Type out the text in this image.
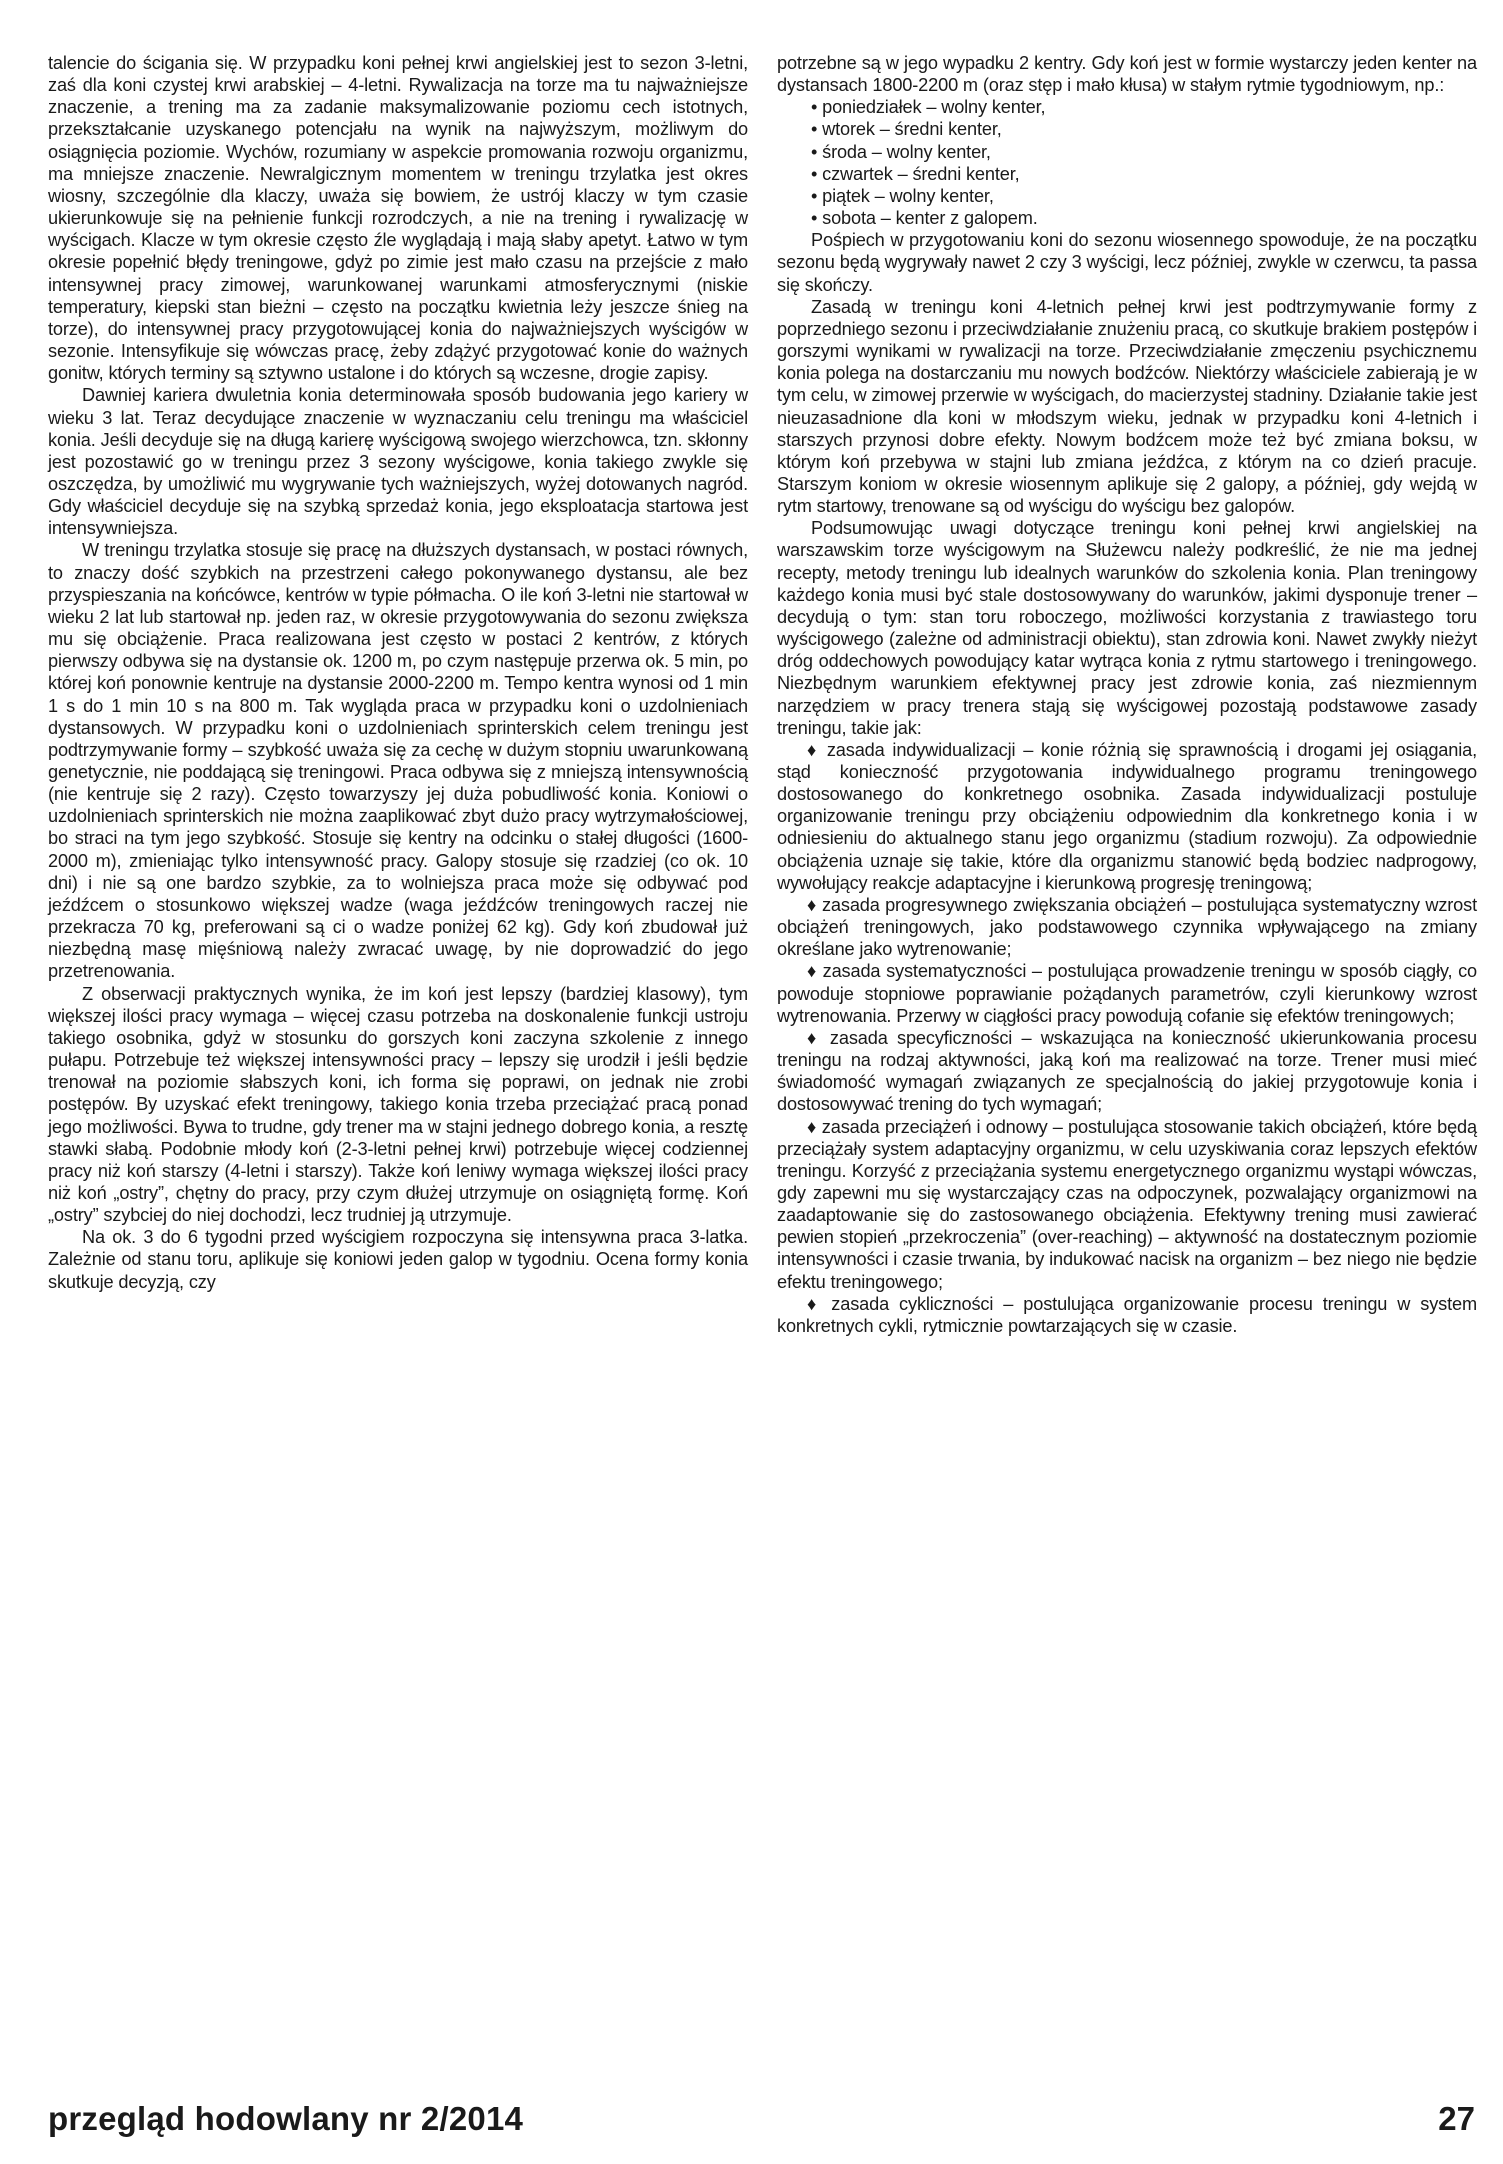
talencie do ścigania się. W przypadku koni pełnej krwi angielskiej jest to sezon 3-letni, zaś dla koni czystej krwi arabskiej – 4-letni. Rywalizacja na torze ma tu najważniejsze znaczenie, a trening ma za zadanie maksymalizowanie poziomu cech istotnych, przekształcanie uzyskanego potencjału na wynik na najwyższym, możliwym do osiągnięcia poziomie. Wychów, rozumiany w aspekcie promowania rozwoju organizmu, ma mniejsze znaczenie. Newralgicznym momentem w treningu trzylatka jest okres wiosny, szczególnie dla klaczy, uważa się bowiem, że ustrój klaczy w tym czasie ukierunkowuje się na pełnienie funkcji rozrodczych, a nie na trening i rywalizację w wyścigach. Klacze w tym okresie często źle wyglądają i mają słaby apetyt. Łatwo w tym okresie popełnić błędy treningowe, gdyż po zimie jest mało czasu na przejście z mało intensywnej pracy zimowej, warunkowanej warunkami atmosferycznymi (niskie temperatury, kiepski stan bieżni – często na początku kwietnia leży jeszcze śnieg na torze), do intensywnej pracy przygotowującej konia do najważniejszych wyścigów w sezonie. Intensyfikuje się wówczas pracę, żeby zdążyć przygotować konie do ważnych gonitw, których terminy są sztywno ustalone i do których są wczesne, drogie zapisy.

Dawniej kariera dwuletnia konia determinowała sposób budowania jego kariery w wieku 3 lat. Teraz decydujące znaczenie w wyznaczaniu celu treningu ma właściciel konia. Jeśli decyduje się na długą karierę wyścigową swojego wierzchowca, tzn. skłonny jest pozostawić go w treningu przez 3 sezony wyścigowe, konia takiego zwykle się oszczędza, by umożliwić mu wygrywanie tych ważniejszych, wyżej dotowanych nagród. Gdy właściciel decyduje się na szybką sprzedaż konia, jego eksploatacja startowa jest intensywniejsza.

W treningu trzylatka stosuje się pracę na dłuższych dystansach, w postaci równych, to znaczy dość szybkich na przestrzeni całego pokonywanego dystansu, ale bez przyspieszania na końcówce, kentrów w typie półmacha. O ile koń 3-letni nie startował w wieku 2 lat lub startował np. jeden raz, w okresie przygotowywania do sezonu zwiększa mu się obciążenie. Praca realizowana jest często w postaci 2 kentrów, z których pierwszy odbywa się na dystansie ok. 1200 m, po czym następuje przerwa ok. 5 min, po której koń ponownie kentruje na dystansie 2000-2200 m. Tempo kentra wynosi od 1 min 1 s do 1 min 10 s na 800 m. Tak wygląda praca w przypadku koni o uzdolnieniach dystansowych. W przypadku koni o uzdolnieniach sprinterskich celem treningu jest podtrzymywanie formy – szybkość uważa się za cechę w dużym stopniu uwarunkowaną genetycznie, nie poddającą się treningowi. Praca odbywa się z mniejszą intensywnością (nie kentruje się 2 razy). Często towarzyszy jej duża pobudliwość konia. Koniowi o uzdolnieniach sprinterskich nie można zaaplikować zbyt dużo pracy wytrzymałościowej, bo straci na tym jego szybkość. Stosuje się kentry na odcinku o stałej długości (1600-2000 m), zmieniając tylko intensywność pracy. Galopy stosuje się rzadziej (co ok. 10 dni) i nie są one bardzo szybkie, za to wolniejsza praca może się odbywać pod jeźdźcem o stosunkowo większej wadze (waga jeźdźców treningowych raczej nie przekracza 70 kg, preferowani są ci o wadze poniżej 62 kg). Gdy koń zbudował już niezbędną masę mięśniową należy zwracać uwagę, by nie doprowadzić do jego przetrenowania.

Z obserwacji praktycznych wynika, że im koń jest lepszy (bardziej klasowy), tym większej ilości pracy wymaga – więcej czasu potrzeba na doskonalenie funkcji ustroju takiego osobnika, gdyż w stosunku do gorszych koni zaczyna szkolenie z innego pułapu. Potrzebuje też większej intensywności pracy – lepszy się urodził i jeśli będzie trenował na poziomie słabszych koni, ich forma się poprawi, on jednak nie zrobi postępów. By uzyskać efekt treningowy, takiego konia trzeba przeciążać pracą ponad jego możliwości. Bywa to trudne, gdy trener ma w stajni jednego dobrego konia, a resztę stawki słabą. Podobnie młody koń (2-3-letni pełnej krwi) potrzebuje więcej codziennej pracy niż koń starszy (4-letni i starszy). Także koń leniwy wymaga większej ilości pracy niż koń „ostry”, chętny do pracy, przy czym dłużej utrzymuje on osiągniętą formę. Koń „ostry” szybciej do niej dochodzi, lecz trudniej ją utrzymuje.

Na ok. 3 do 6 tygodni przed wyścigiem rozpoczyna się intensywna praca 3-latka. Zależnie od stanu toru, aplikuje się koniowi jeden galop w tygodniu. Ocena formy konia skutkuje decyzją, czy

potrzebne są w jego wypadku 2 kentry. Gdy koń jest w formie wystarczy jeden kenter na dystansach 1800-2200 m (oraz stęp i mało kłusa) w stałym rytmie tygodniowym, np.:

• poniedziałek – wolny kenter,

• wtorek – średni kenter,

• środa – wolny kenter,

• czwartek – średni kenter,

• piątek – wolny kenter,

• sobota – kenter z galopem.

Pośpiech w przygotowaniu koni do sezonu wiosennego spowoduje, że na początku sezonu będą wygrywały nawet 2 czy 3 wyścigi, lecz później, zwykle w czerwcu, ta passa się skończy.

Zasadą w treningu koni 4-letnich pełnej krwi jest podtrzymywanie formy z poprzedniego sezonu i przeciwdziałanie znużeniu pracą, co skutkuje brakiem postępów i gorszymi wynikami w rywalizacji na torze. Przeciwdziałanie zmęczeniu psychicznemu konia polega na dostarczaniu mu nowych bodźców. Niektórzy właściciele zabierają je w tym celu, w zimowej przerwie w wyścigach, do macierzystej stadniny. Działanie takie jest nieuzasadnione dla koni w młodszym wieku, jednak w przypadku koni 4-letnich i starszych przynosi dobre efekty. Nowym bodźcem może też być zmiana boksu, w którym koń przebywa w stajni lub zmiana jeźdźca, z którym na co dzień pracuje. Starszym koniom w okresie wiosennym aplikuje się 2 galopy, a później, gdy wejdą w rytm startowy, trenowane są od wyścigu do wyścigu bez galopów.

Podsumowując uwagi dotyczące treningu koni pełnej krwi angielskiej na warszawskim torze wyścigowym na Służewcu należy podkreślić, że nie ma jednej recepty, metody treningu lub idealnych warunków do szkolenia konia. Plan treningowy każdego konia musi być stale dostosowywany do warunków, jakimi dysponuje trener – decydują o tym: stan toru roboczego, możliwości korzystania z trawiastego toru wyścigowego (zależne od administracji obiektu), stan zdrowia koni. Nawet zwykły nieżyt dróg oddechowych powodujący katar wytrąca konia z rytmu startowego i treningowego. Niezbędnym warunkiem efektywnej pracy jest zdrowie konia, zaś niezmiennym narzędziem w pracy trenera stają się wyścigowej pozostają podstawowe zasady treningu, takie jak:

♦ zasada indywidualizacji – konie różnią się sprawnością i drogami jej osiągania, stąd konieczność przygotowania indywidualnego programu treningowego dostosowanego do konkretnego osobnika. Zasada indywidualizacji postuluje organizowanie treningu przy obciążeniu odpowiednim dla konkretnego konia i w odniesieniu do aktualnego stanu jego organizmu (stadium rozwoju). Za odpowiednie obciążenia uznaje się takie, które dla organizmu stanowić będą bodziec nadprogowy, wywołujący reakcje adaptacyjne i kierunkową progresję treningową;

♦ zasada progresywnego zwiększania obciążeń – postulująca systematyczny wzrost obciążeń treningowych, jako podstawowego czynnika wpływającego na zmiany określane jako wytrenowanie;

♦ zasada systematyczności – postulująca prowadzenie treningu w sposób ciągły, co powoduje stopniowe poprawianie pożądanych parametrów, czyli kierunkowy wzrost wytrenowania. Przerwy w ciągłości pracy powodują cofanie się efektów treningowych;

♦ zasada specyficzności – wskazująca na konieczność ukierunkowania procesu treningu na rodzaj aktywności, jaką koń ma realizować na torze. Trener musi mieć świadomość wymagań związanych ze specjalnością do jakiej przygotowuje konia i dostosowywać trening do tych wymagań;

♦ zasada przeciążeń i odnowy – postulująca stosowanie takich obciążeń, które będą przeciążały system adaptacyjny organizmu, w celu uzyskiwania coraz lepszych efektów treningu. Korzyść z przeciążania systemu energetycznego organizmu wystąpi wówczas, gdy zapewni mu się wystarczający czas na odpoczynek, pozwalający organizmowi na zaadaptowanie się do zastosowanego obciążenia. Efektywny trening musi zawierać pewien stopień „przekroczenia” (over-reaching) – aktywność na dostatecznym poziomie intensywności i czasie trwania, by indukować nacisk na organizm – bez niego nie będzie efektu treningowego;

♦ zasada cykliczności – postulująca organizowanie procesu treningu w system konkretnych cykli, rytmicznie powtarzających się w czasie.

przegląd hodowlany nr 2/2014	27
